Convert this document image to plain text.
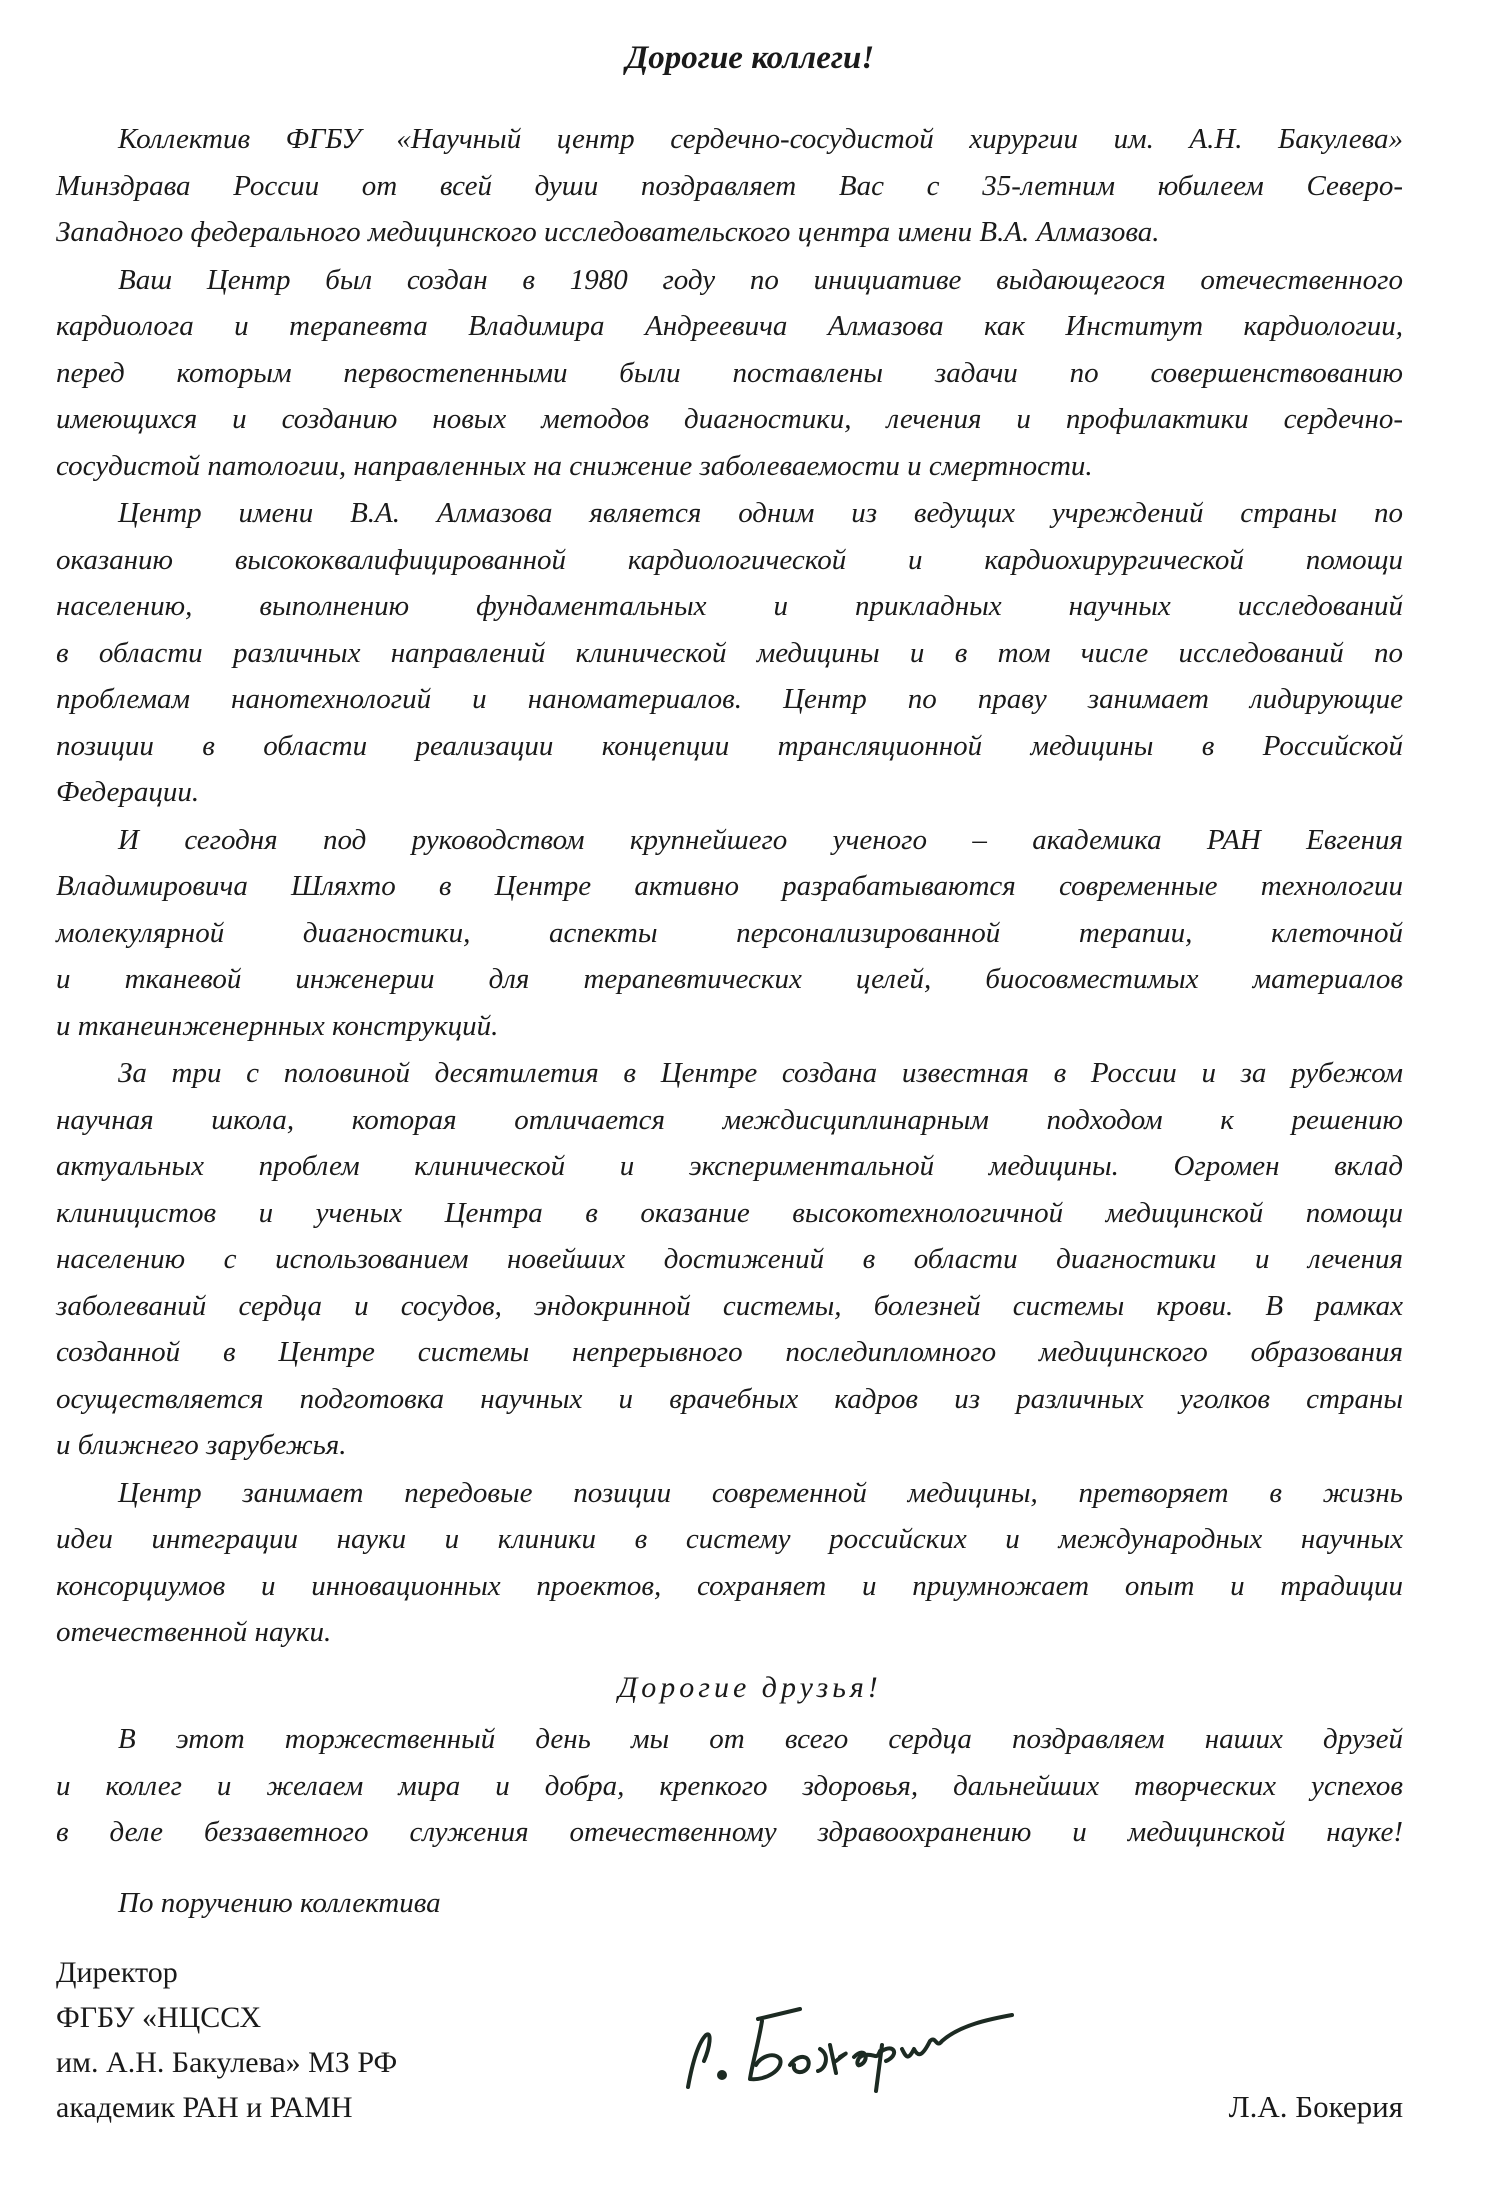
Дорогие коллеги!
Коллектив ФГБУ «Научный центр сердечно-сосудистой хирургии им. А.Н. Бакулева»
Минздрава России от всей души поздравляет Вас с 35-летним юбилеем Северо-
Западного федерального медицинского исследовательского центра имени В.А. Алмазова.
Ваш Центр был создан в 1980 году по инициативе выдающегося отечественного
кардиолога и терапевта Владимира Андреевича Алмазова как Институт кардиологии,
перед которым первостепенными были поставлены задачи по совершенствованию
имеющихся и созданию новых методов диагностики, лечения и профилактики сердечно-
сосудистой патологии, направленных на снижение заболеваемости и смертности.
Центр имени В.А. Алмазова является одним из ведущих учреждений страны по
оказанию высококвалифицированной кардиологической и кардиохирургической помощи
населению, выполнению фундаментальных и прикладных научных исследований
в области различных направлений клинической медицины и в том числе исследований по
проблемам нанотехнологий и наноматериалов. Центр по праву занимает лидирующие
позиции в области реализации концепции трансляционной медицины в Российской
Федерации.
И сегодня под руководством крупнейшего ученого – академика РАН Евгения
Владимировича Шляхто в Центре активно разрабатываются современные технологии
молекулярной диагностики, аспекты персонализированной терапии, клеточной
и тканевой инженерии для терапевтических целей, биосовместимых материалов
и тканеинженернных конструкций.
За три с половиной десятилетия в Центре создана известная в России и за рубежом
научная школа, которая отличается междисциплинарным подходом к решению
актуальных проблем клинической и экспериментальной медицины. Огромен вклад
клиницистов и ученых Центра в оказание высокотехнологичной медицинской помощи
населению с использованием новейших достижений в области диагностики и лечения
заболеваний сердца и сосудов, эндокринной системы, болезней системы крови. В рамках
созданной в Центре системы непрерывного последипломного медицинского образования
осуществляется подготовка научных и врачебных кадров из различных уголков страны
и ближнего зарубежья.
Центр занимает передовые позиции современной медицины, претворяет в жизнь
идеи интеграции науки и клиники в систему российских и международных научных
консорциумов и инновационных проектов, сохраняет и приумножает опыт и традиции
отечественной науки.
Дорогие друзья!
В этот торжественный день мы от всего сердца поздравляем наших друзей
и коллег и желаем мира и добра, крепкого здоровья, дальнейших творческих успехов
в деле беззаветного служения отечественному здравоохранению и медицинской науке!
По поручению коллектива
Директор
ФГБУ «НЦССХ
им. А.Н. Бакулева» МЗ РФ
академик РАН и РАМН	Л.А. Бокерия
